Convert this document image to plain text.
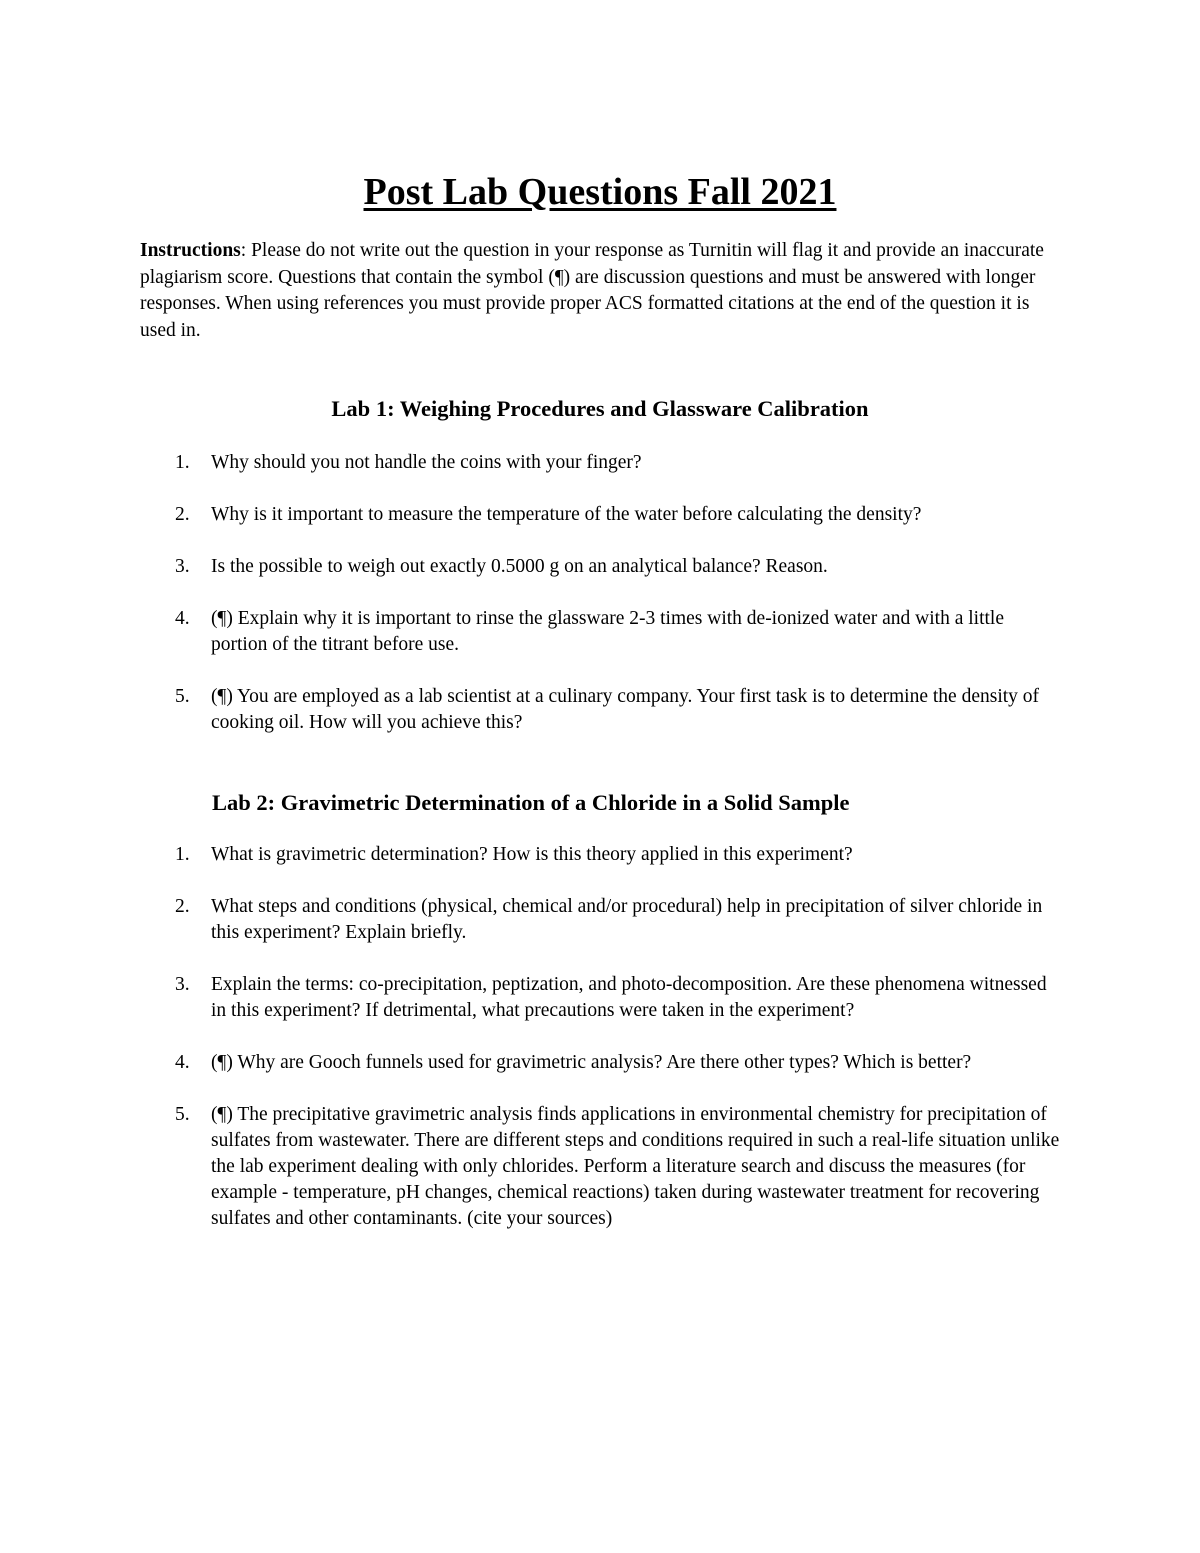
Post Lab Questions Fall 2021

Instructions: Please do not write out the question in your response as Turnitin will flag it and provide an inaccurate plagiarism score. Questions that contain the symbol (¶) are discussion questions and must be answered with longer responses. When using references you must provide proper ACS formatted citations at the end of the question it is used in.

Lab 1: Weighing Procedures and Glassware Calibration
1. Why should you not handle the coins with your finger?
2. Why is it important to measure the temperature of the water before calculating the density?
3. Is the possible to weigh out exactly 0.5000 g on an analytical balance? Reason.
4. (¶) Explain why it is important to rinse the glassware 2-3 times with de-ionized water and with a little portion of the titrant before use.
5. (¶) You are employed as a lab scientist at a culinary company. Your first task is to determine the density of cooking oil. How will you achieve this?
Lab 2: Gravimetric Determination of a Chloride in a Solid Sample
1. What is gravimetric determination? How is this theory applied in this experiment?
2. What steps and conditions (physical, chemical and/or procedural) help in precipitation of silver chloride in this experiment? Explain briefly.
3. Explain the terms: co-precipitation, peptization, and photo-decomposition. Are these phenomena witnessed in this experiment? If detrimental, what precautions were taken in the experiment?
4. (¶) Why are Gooch funnels used for gravimetric analysis? Are there other types? Which is better?
5. (¶) The precipitative gravimetric analysis finds applications in environmental chemistry for precipitation of sulfates from wastewater. There are different steps and conditions required in such a real-life situation unlike the lab experiment dealing with only chlorides. Perform a literature search and discuss the measures (for example - temperature, pH changes, chemical reactions) taken during wastewater treatment for recovering sulfates and other contaminants. (cite your sources)
